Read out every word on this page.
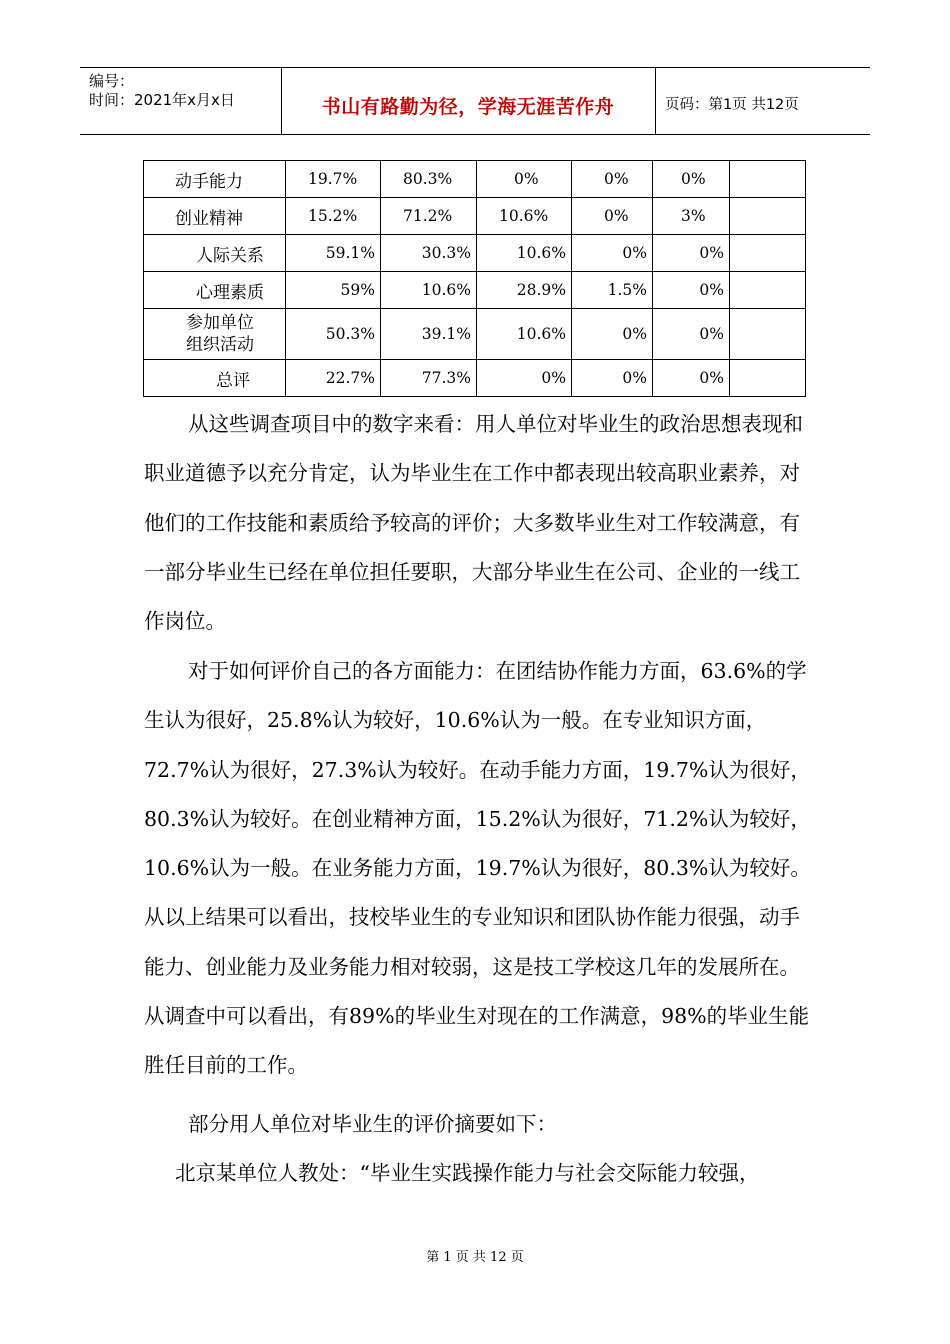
编号：
时间：2021年x月x日	书山有路勤为径，学海无涯苦作舟	页码：第1页 共12页
动手能力	19.7%	80.3%	0%	0%	0%	
创业精神	15.2%	71.2%	10.6%	0%	3%	
人际关系	59.1%	30.3%	10.6%	0%	0%	
心理素质	59%	10.6%	28.9%	1.5%	0%	
参加单位组织活动	50.3%	39.1%	10.6%	0%	0%	
总评	22.7%	77.3%	0%	0%	0%	

从这些调查项目中的数字来看：用人单位对毕业生的政治思想表现和职业道德予以充分肯定，认为毕业生在工作中都表现出较高职业素养，对他们的工作技能和素质给予较高的评价；大多数毕业生对工作较满意，有一部分毕业生已经在单位担任要职，大部分毕业生在公司、企业的一线工作岗位。

对于如何评价自己的各方面能力：在团结协作能力方面，63.6%的学生认为很好，25.8%认为较好，10.6%认为一般。在专业知识方面，72.7%认为很好，27.3%认为较好。在动手能力方面，19.7%认为很好，80.3%认为较好。在创业精神方面，15.2%认为很好，71.2%认为较好，10.6%认为一般。在业务能力方面，19.7%认为很好，80.3%认为较好。从以上结果可以看出，技校毕业生的专业知识和团队协作能力很强，动手能力、创业能力及业务能力相对较弱，这是技工学校这几年的发展所在。从调查中可以看出，有89%的毕业生对现在的工作满意，98%的毕业生能胜任目前的工作。

部分用人单位对毕业生的评价摘要如下：

北京某单位人教处：“毕业生实践操作能力与社会交际能力较强，

第 1 页 共 12 页
